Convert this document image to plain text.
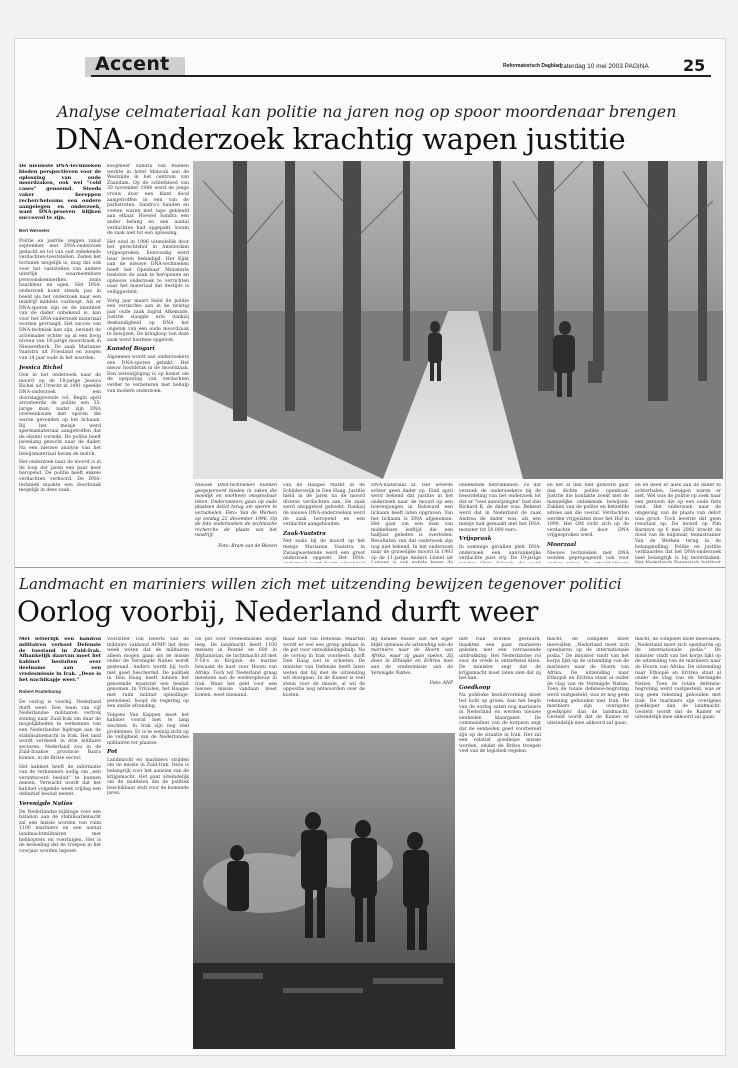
Accent	Reformatorisch Dagblad
zaterdag 10 mei 2003 PAGINA 25
Analyse celmateriaal kan politie na jaren nog op spoor moordenaar brengen
DNA-onderzoek krachtig wapen justitie

De nieuwste DNA-technieken bieden perspectieven voor de oplossing van oude moordzaken, ook wel "cold cases" genoemd. Steeds vaker bereppen rechercheteams een oudere aangelegen en onderzoek, want DNA-proeven blijken succesvol te zijn.

Bert Wesseler

Politie en justitie zeggen vanaf september met DNA-onderzoek gedacht en tot van oud onbekende verdachten-toeststellen. Zeden het techniek mogelijk is, mag dat ook voor het vaststellen van andere uiterlijk waarneembare persoonskenmerken, zoals haarkleur en ogen. Het DNA-onderzoek komt steeds pas in beeld als het onderzoek naar een misdrijf middels vastloopt. Als er DNA-sporen zijn en de identiteit van de dader onbekend is, kan voor het DNA-onderzoek materiaal worden gevraagd. Het succes van DNA-techniek kan zijn, bevindt de actiemaker echter op al een hoog niveau van 18-jarige moordzaak in Nieuwerkerk. De zaak Marianne Vaatstra uit Friesland en zorgen van 14 jaar oude in het noorden.

Jessica Richel

Ook in het onderzoek naar de moord op de 18-jarige Jessica Richel uit Utrecht in 1991 speelde DNA-onderzoek een doorslaggevende rol. Begin april arresteerde de politie een 35-jarige man, nadat zijn DNA overeenkwam met sporen die waren gevonden op het lichaam. Bij het meisje werd spermamateriaal aangetroffen dat de sleutel vormde. De politie heeft jarenlang gezocht naar de dader. Na een nieuwe analyse van het bewijsmateriaal kwam de match.

Het onderzoek naar de moord is in de loop der jaren een paar keer heropend. De politie heeft enkele verdachten verhoord. De DNA-techniek maakte een doorbraak mogelijk in deze zaak.

koopmeer Sandra van Rueben werkte in hotel Mancuk aan de Westzijde in het centrum van Zaandam. Op de schietkleed van 30 november 1984 werd de jonge vrouw door een klant dood aangetroffen in een van de parkstraten. Sandra's handen en voeten waren met tape gekleefd aan elkaar. Hoewel Sandra een ander belang en een aantal verdachten had opgepakt, kwam de zaak niet tot een oplossing.

Het eind in 1986 uitendeliik door het gerechtshof in Amsterdam vrijgesproken. Eenvoudig werd haar leven beëindigd. Het Kijkt aan de nieuwe DNA-technieken heeft het Openbaar Ministerie besloten de zaak te heropenen en opnieuw onderzoek te verrichten naar het materiaal dat destijds is veiliggesteld.

Vorig jaar maart hield de politie een verdachte aan in de twintig jaar oude zaak Ingrid Alkemade. Justitie slaagde erin dankzij deskundigheid op DNA het ongeluk van een oude moordzaak te bewijzen. De kringloop van deze zaak werd hiermee opgelost.

Kunstof Bogari

Algemeen wordt aan onderzoekers een DNA-sporen gelinkt. Het nieuw hoofdstuk in de moordzaak. Een wetswijziging is op komst om de opsporing van verdachten verder te verbeteren met behulp van modern onderzoek.

Nieuwe DNA-technieken kunnen geopsporeerd bieden in zaken die moeilijk en voorheen onoplosbaar leken. Onderzoekers gaan op oude plaatsen delict terug om sporen te verzamelen. Foto: Van de Werken op zondag 22 december 1996. Op de foto onderzoeken de technische recherche de plaats van het misdrijf.

Foto: Bram van de Biezen

van de Haagse Markt in de Schilderswijk in Den Haag. Justitie hield in de jaren na de moord diverse verdachten aan. De zaak werd onopgelost geboekt. Dankzij de nieuwe DNA-onderzoeken werd de zaak heropend en een verdachte aangehouden.

Zaak-Vaatstra

Net zoals bij de moord op het meisje Marianne Vaatstra in Zwaagwesteinde werd een groot onderzoek opgezet. Het DNA-

DNA-materiaal af. Het leverde echter geen dader op. Eind april werd bekend dat justitie in het onderzoek naar de moord op een boerenjongen in Bolsward een lichaam heeft laten opgraven. Van het lichaam is DNA afgenomen. Het gaat om een man van middelbare leeftijd die een halfjaar geleden is overleden. Resultaten van dat onderzoek zijn nog niet bekend. In het onderzoek naar de gruwelijke moord in 1993 op de 11-jarige Anders Linnet uit

onbekende betrokkenen. Zo dat verzoek de onderzoekers bij de beoordeling van het onderzoek tot dat er "veel aanwijzingen" had dan Richard K. de dader was. Bekend werd dat in Nederland de zaak Andrea de dader was, als een meisje had gemaakt met het DNA-monster tot 50.000 euro.

Vrijspraak

In sommige gevallen pleit DNA-onderzoek een aanvankelijke verdachte juist vrij. De 19-jarige

en het al dan niet gehoord gaat dan dichte politie openbaar. Justitie die kontakte zoekt met de mannelijke onbekende bewijzen. Zakken van de politie en hetzelfde advies aan die vooraf. Verdachten werden vrijgelaten door het Hof in 1999. Het OM richt zich op de verdachte die door DNA vrijgesproken werd.

Moorzaal

Nieuwe technieken met DNA worden gepropageerd ook voor

en en deed er alles aan de dader te achterhalen. Getuigen waren er niet. Wel was de politie op zoek naar een persoon die op een oude fiets reed. Het onderzoek naar de omgeving van de plaats van delict was groot. Toch leverde dat geen resultaat op. De moord op Pim Barneyn op 6 mei 2002 bracht de dood van de miljonair, tennistrainer Van de Werken terug in de belangstelling. Politie en justitie verklaarden dat het DNA-onderzoek heel belangrijk is bij moordzaken.

Landmacht en mariniers willen zich met uitzending bewijzen tegenover politici
Oorlog voorbij, Nederland durft weer

Met letterlijk een handvol militairen verkoot Defensie de toestand in Zuid-Irak. Afhankelijk daarvan moet het kabinet besluiten over deelname aan een vredesmissie in Irak. „Deze is het wachtkapje weer."

Robert Pasterkamp

De oorlog is voorbij. Nederland durft weer. Een team van vijf Nederlandse militairen vertrok zondag naar Zuid-Irak om daar de mogelijkheden te verkennen van een Nederlandse bijdrage aan de stabilisatiemacht in Irak. Het land wordt verdeeld in drie militaire sectoren. Nederland zou in de Zuid-Iraakse provincie Basra komen, in de Britse sector.

Het kabinet heeft de informatie van de verkenners nodig om „een verantwoord besluit" te kunnen nemen. Verwacht wordt dat het kabinet volgende week vrijdag een definitief besluit neemt.

Verenigde Naties

De Nederlandse bijdrage voor een batalion aan de stabilisatiemacht zal een missie worden van ruim 1100 mariniers en een aantal landmachtmilitairen met helikopters en voertuigen. Het is de bedoeling dat de troepen in het voorjaar worden ingezet.

Voorzitter Ton Heerts van de militaire vakbond AFMP liet deze week weten dat de militairen alleen mogen gaan als de missie onder de Verenigde Naties wordt gesteund. Anders wordt hij toch niet goed beschermd. De politiek in Den Haag heeft binnen het genoemde maatstaf een besluit genomen. In Trivisleu, het Haagse met ruim militair opleidings-personeel, hoopt de regering op een snelle afronding.

Volgens Van Kappen moet het kabinet vooral niet te lang wachten. In Irak zijn nog veel problemen. Er is te weinig zicht op de veiligheid van de Nederlandse militairen ter plaatse.

Pot

Landmacht en mariniers strijden om de missie in Zuid-Irak. Deze is belangrijk voor het aanzien van de krijgsmacht. Het gaat uiteindelijk om de middelen die de politiek beschikbaar stelt voor de komende jaren.

De pot voor vredesmissies loopt leeg. De landmacht heeft 1100 mensen in Bosnië en 600 in Afghanistan, de luchtmacht zit met F-16's in Kirgizië, de marine bewaakt de kust voor Hoorn van Afrika. Toch wil Nederland graag meedoen aan de wederopbouw in Irak. Waar het geld voor een nieuwe missie vandaan moet komen, weet niemand.

maar niet van Defensie. Maarten wordt er wel een groep gedaan in de pot voor ontwikkelingshulp. Na de oorlog in Irak voordeelt, durft Den Haag wel te schieten. De minister van Defensie heeft laten weten dat hij met de uitzending wil doorgaan. In de Kamer is veel steun voor de missie, al wil de oppositie nog antwoorden over de kosten.

Bij nieuwe missie van het leger blijkt opnieuw de uitzending van de mariniers naar de Hoorn van Afrika, waar zij gaan spelen. Zij doen in Ethiopië en Eritrea mee aan de vredesmissie van de Verenigde Naties.

Foto: ANP

niet ruik worden gestuurd, maakten een paar manieren geleden niet een verrassende uitdrukking: Het Nederlandse rol voor de vrede is ontzettend klein. De minister zegt dat de krijgsmacht moet laten zien dat zij het kan.

Goedkoop

Na politieke besluitvorming moet het licht op groen. Aan het begin van de oorlog zaten nog mariniers in Nederland en werden nieuwe eenheden klaargezet. De commandant van de korpsen zegt dat de eenheden goed voorbereid zijn op de situatie in Irak. Het zal een relatief goedkope missie worden, omdat de Britse troepen veel van de logistiek regelen.

macht, de compleet moet meevallen. „Nederland moet zich openbaren op de internationale podia." De minister vindt van het korps lijkt op de uitzending van de mariniers naar de Hoorn van Afrika. De uitzending naar Ethiopië en Eritrea staat al onder de vlag van de Verenigde Naties. Toen de totale defensie-begroting werd vastgesteld, was er nog geen rekening gehouden met Irak. De mariniers zijn overigens goedkoper dan de landmacht. Gesteld wordt dat de Kamer er uiteindelijk mee akkoord zal gaan.

macht, de compleet moet meevallen. „Nederland moet zich openbaren op de internationale podia." De minister vindt van het korps lijkt op de uitzending van de mariniers naar de Hoorn van Afrika. De uitzending naar Ethiopië en Eritrea staat al onder de vlag van de Verenigde Naties. Toen de totale defensie-begroting werd vastgesteld, was er nog geen rekening gehouden met Irak. De mariniers zijn overigens goedkoper dan de landmacht. Gesteld wordt dat de Kamer er uiteindelijk mee akkoord zal gaan.
